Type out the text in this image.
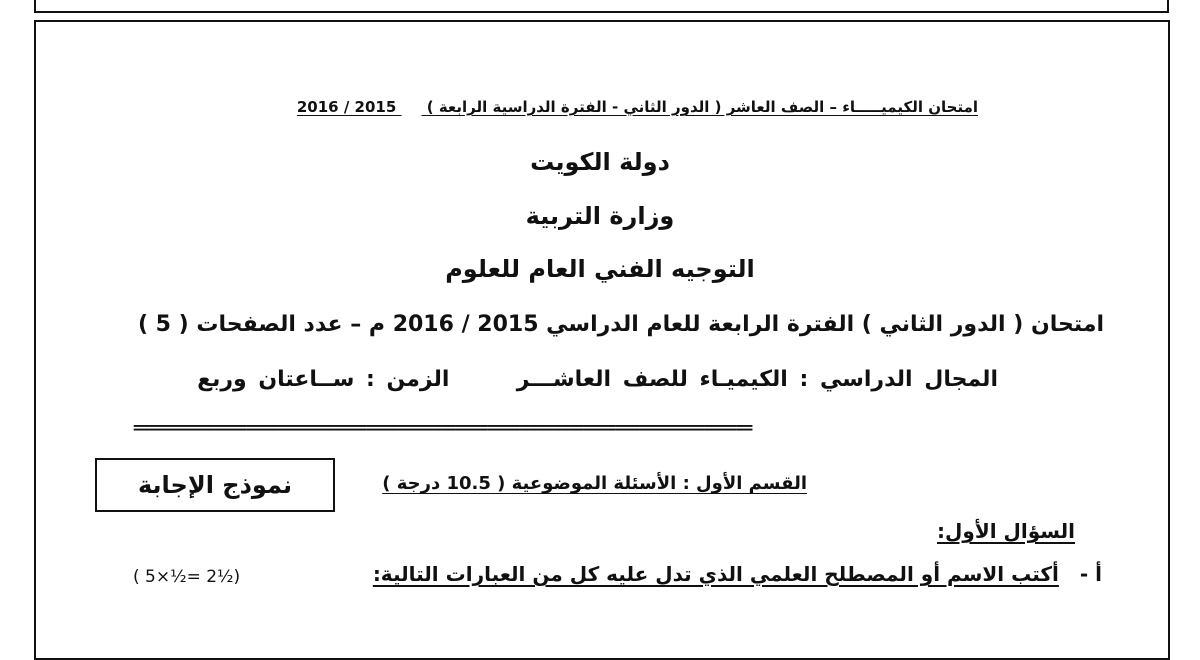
امتحان الكيميـــــاء – الصف العاشر ( الدور الثاني - الفترة الدراسية الرابعة )  2016 / 2015
دولة الكويت
وزارة التربية
التوجيه الفني العام للعلوم
امتحان ( الدور الثاني ) الفترة الرابعة للعام الدراسي 2015 / 2016 م – عدد الصفحات ( 5 )
المجال الدراسي : الكيميـاء للصف العاشـــر  الزمن : ســاعتان وربع
=============================================================================
نموذج الإجابة	القسم الأول : الأسئلة الموضوعية ( 10.5 درجة )
السؤال الأول:
أ - أكتب الاسم أو المصطلح العلمي الذي تدل عليه كل من العبارات التالية:
( 5×½= 2½)
